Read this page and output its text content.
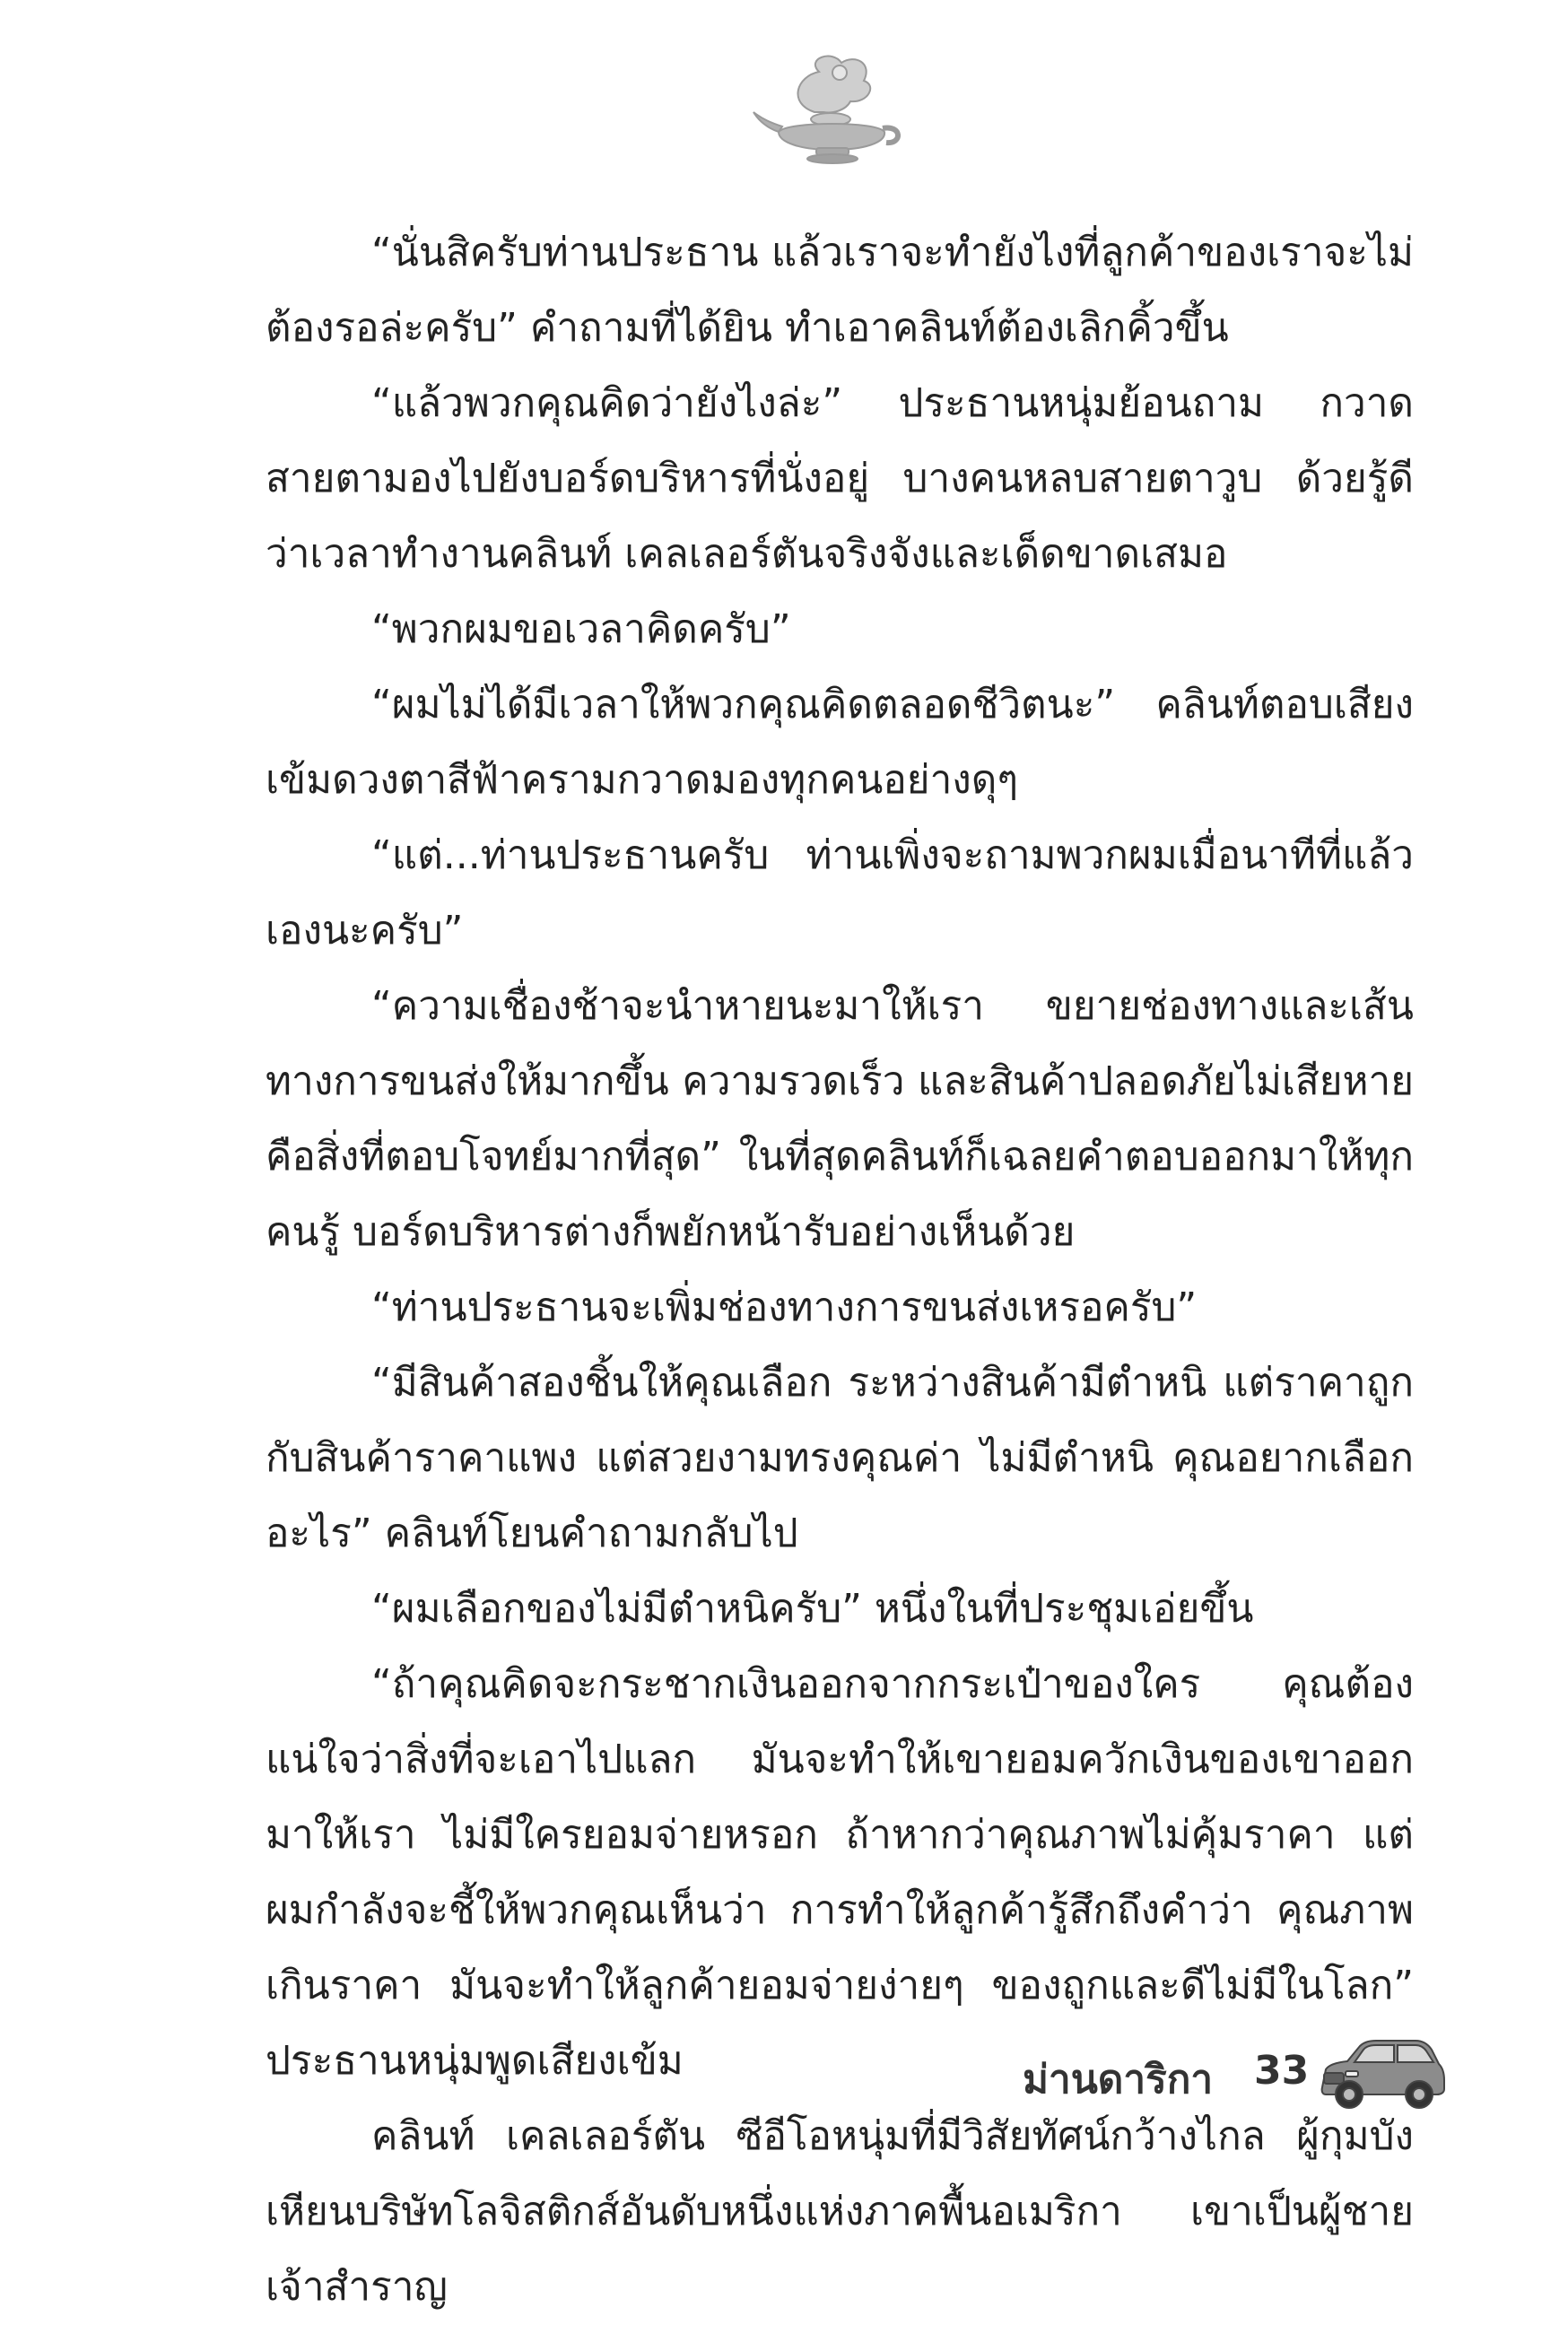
“นั่นสิครับท่านประธาน แล้วเราจะทำยังไงที่ลูกค้าของเราจะไม่ต้องรอล่ะครับ” คำถามที่ได้ยิน ทำเอาคลินท์ต้องเลิกคิ้วขึ้น

“แล้วพวกคุณคิดว่ายังไงล่ะ” ประธานหนุ่มย้อนถาม กวาดสายตามองไปยังบอร์ดบริหารที่นั่งอยู่ บางคนหลบสายตาวูบ ด้วยรู้ดีว่าเวลาทำงานคลินท์ เคลเลอร์ตันจริงจังและเด็ดขาดเสมอ

“พวกผมขอเวลาคิดครับ”

“ผมไม่ได้มีเวลาให้พวกคุณคิดตลอดชีวิตนะ” คลินท์ตอบเสียงเข้มดวงตาสีฟ้าครามกวาดมองทุกคนอย่างดุๆ

“แต่...ท่านประธานครับ ท่านเพิ่งจะถามพวกผมเมื่อนาทีที่แล้วเองนะครับ”

“ความเชื่องช้าจะนำหายนะมาให้เรา ขยายช่องทางและเส้นทางการขนส่งให้มากขึ้น ความรวดเร็ว และสินค้าปลอดภัยไม่เสียหาย คือสิ่งที่ตอบโจทย์มากที่สุด” ในที่สุดคลินท์ก็เฉลยคำตอบออกมาให้ทุกคนรู้ บอร์ดบริหารต่างก็พยักหน้ารับอย่างเห็นด้วย

“ท่านประธานจะเพิ่มช่องทางการขนส่งเหรอครับ”

“มีสินค้าสองชิ้นให้คุณเลือก ระหว่างสินค้ามีตำหนิ แต่ราคาถูก กับสินค้าราคาแพง แต่สวยงามทรงคุณค่า ไม่มีตำหนิ คุณอยากเลือกอะไร” คลินท์โยนคำถามกลับไป

“ผมเลือกของไม่มีตำหนิครับ” หนึ่งในที่ประชุมเอ่ยขึ้น

“ถ้าคุณคิดจะกระชากเงินออกจากกระเป๋าของใคร คุณต้องแน่ใจว่าสิ่งที่จะเอาไปแลก มันจะทำให้เขายอมควักเงินของเขาออกมาให้เรา ไม่มีใครยอมจ่ายหรอก ถ้าหากว่าคุณภาพไม่คุ้มราคา แต่ผมกำลังจะชี้ให้พวกคุณเห็นว่า การทำให้ลูกค้ารู้สึกถึงคำว่า คุณภาพเกินราคา มันจะทำให้ลูกค้ายอมจ่ายง่ายๆ ของถูกและดีไม่มีในโลก” ประธานหนุ่มพูดเสียงเข้ม

คลินท์ เคลเลอร์ตัน ซีอีโอหนุ่มที่มีวิสัยทัศน์กว้างไกล ผู้กุมบังเหียนบริษัทโลจิสติกส์อันดับหนึ่งแห่งภาคพื้นอเมริกา เขาเป็นผู้ชายเจ้าสำราญ

ม่านดาริกา 33
